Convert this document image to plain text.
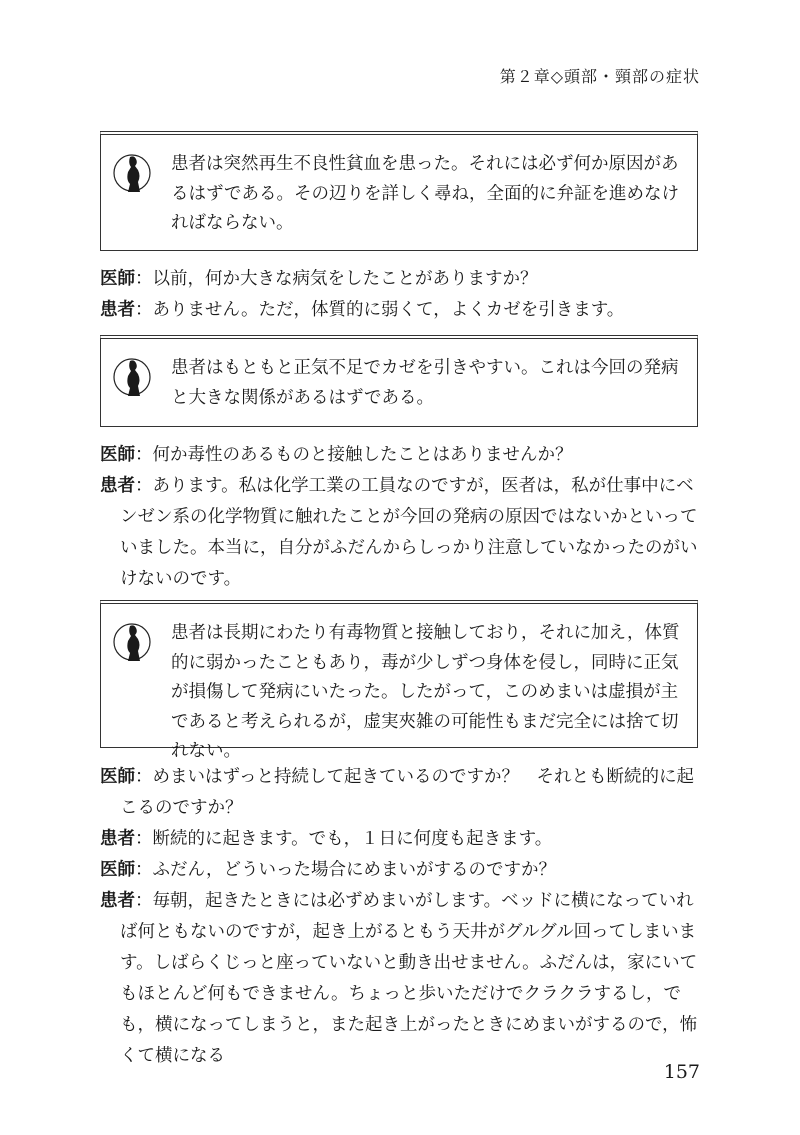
第２章◇頭部・頸部の症状
患者は突然再生不良性貧血を患った。それには必ず何か原因があるはずである。その辺りを詳しく尋ね，全面的に弁証を進めなければならない。
医師：以前，何か大きな病気をしたことがありますか？
患者：ありません。ただ，体質的に弱くて，よくカゼを引きます。
患者はもともと正気不足でカゼを引きやすい。これは今回の発病と大きな関係があるはずである。
医師：何か毒性のあるものと接触したことはありませんか？
患者：あります。私は化学工業の工員なのですが，医者は，私が仕事中にベンゼン系の化学物質に触れたことが今回の発病の原因ではないかといっていました。本当に，自分がふだんからしっかり注意していなかったのがいけないのです。
患者は長期にわたり有毒物質と接触しており，それに加え，体質的に弱かったこともあり，毒が少しずつ身体を侵し，同時に正気が損傷して発病にいたった。したがって，このめまいは虚損が主であると考えられるが，虚実夾雑の可能性もまだ完全には捨て切れない。
医師：めまいはずっと持続して起きているのですか？　それとも断続的に起こるのですか？
患者：断続的に起きます。でも，１日に何度も起きます。
医師：ふだん，どういった場合にめまいがするのですか？
患者：毎朝，起きたときには必ずめまいがします。ベッドに横になっていれば何ともないのですが，起き上がるともう天井がグルグル回ってしまいます。しばらくじっと座っていないと動き出せません。ふだんは，家にいてもほとんど何もできません。ちょっと歩いただけでクラクラするし，でも，横になってしまうと，また起き上がったときにめまいがするので，怖くて横になる
157
